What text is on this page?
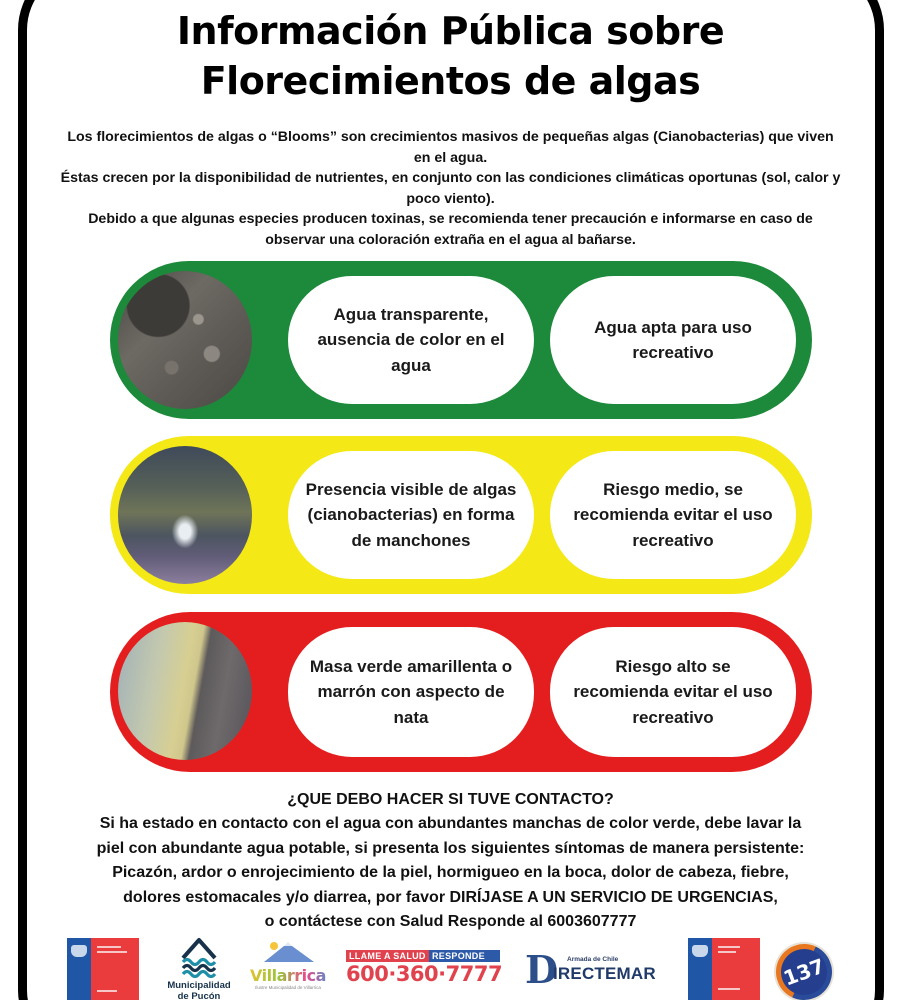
Información Pública sobre
Florecimientos de algas

Los florecimientos de algas o “Blooms” son crecimientos masivos de pequeñas algas (Cianobacterias) que viven en el agua.

Éstas crecen por la disponibilidad de nutrientes, en conjunto con las condiciones climáticas oportunas (sol, calor y poco viento).

Debido a que algunas especies producen toxinas, se recomienda tener precaución e informarse en caso de observar una coloración extraña en el agua al bañarse.

Agua transparente, ausencia de color en el agua
Agua apta para uso recreativo
Presencia visible de algas (cianobacterias) en forma de manchones
Riesgo medio, se recomienda evitar el uso recreativo
Masa verde amarillenta o marrón con aspecto de nata
Riesgo alto se recomienda evitar el uso recreativo

¿QUE DEBO HACER SI TUVE CONTACTO?

Si ha estado en contacto con el agua con abundantes manchas de color verde, debe lavar la

piel con abundante agua potable, si presenta los siguientes síntomas de manera persistente:

Picazón, ardor o enrojecimiento de la piel, hormigueo en la boca, dolor de cabeza, fiebre,

dolores estomacales y/o diarrea, por favor DIRÍJASE A UN SERVICIO DE URGENCIAS,

o contáctese con Salud Responde al 6003607777

Municipalidad
de Pucón
Villarrica
Ilustre Municipalidad de Villarrica
LLAME A SALUD RESPONDE
600·360·7777
D Armada de Chile
IRECTEMAR	137
